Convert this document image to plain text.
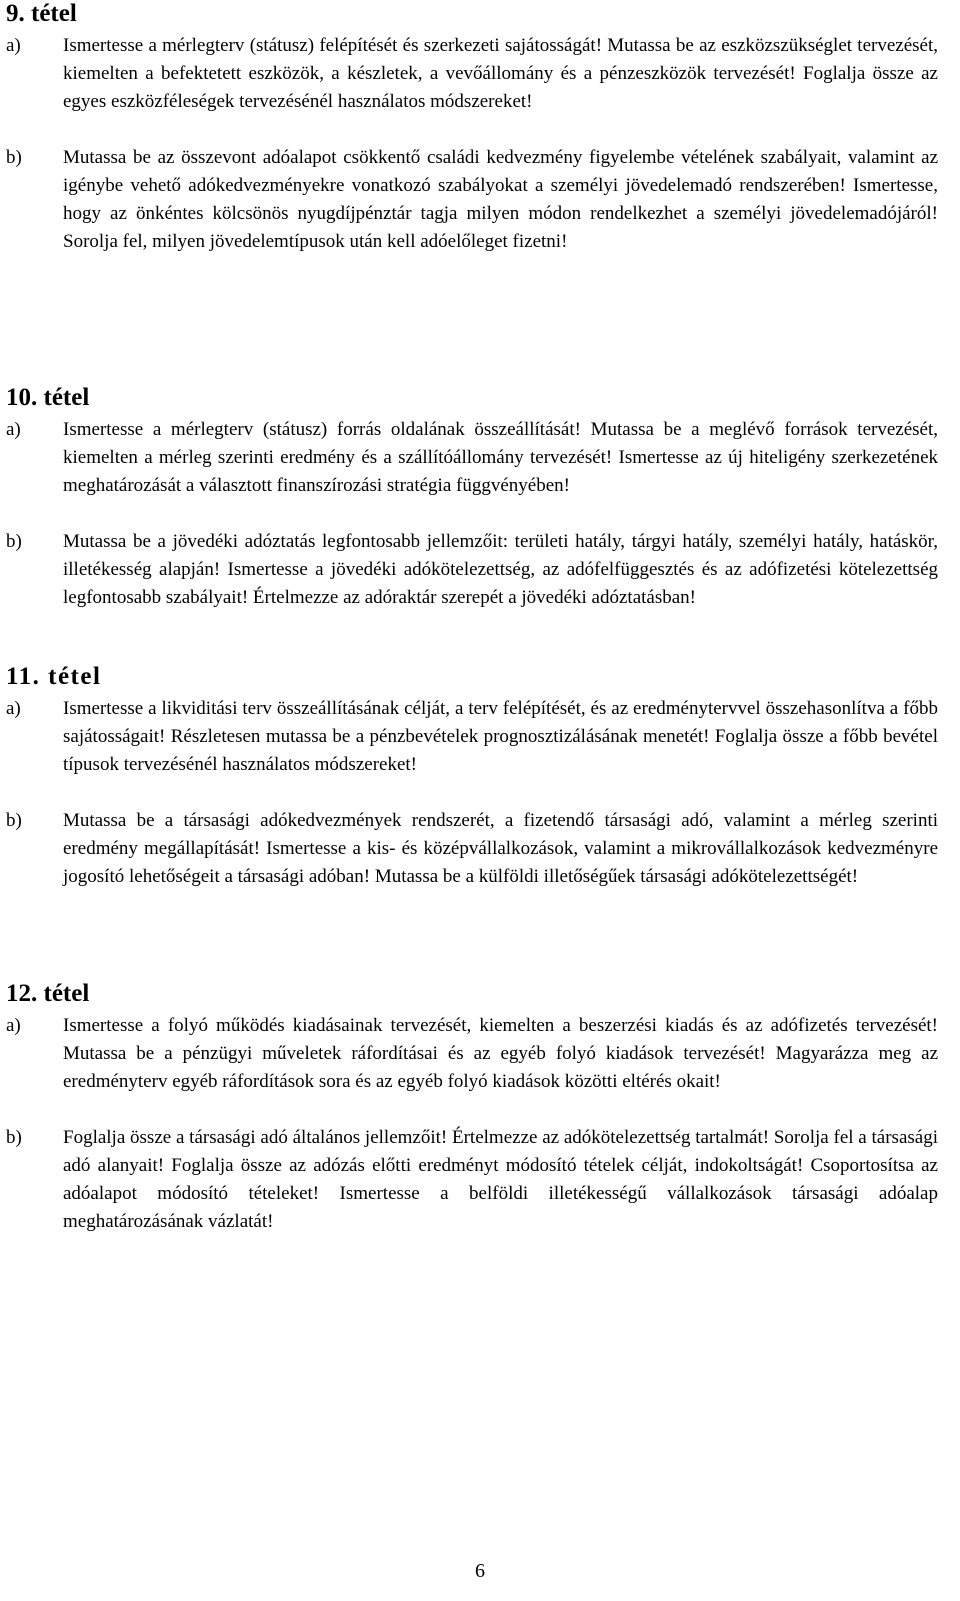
9. tétel
a)	Ismertesse a mérlegterv (státusz) felépítését és szerkezeti sajátosságát! Mutassa be az eszközszükséglet tervezését, kiemelten a befektetett eszközök, a készletek, a vevőállomány és a pénzeszközök tervezését! Foglalja össze az egyes eszközféleségek tervezésénél használatos módszereket!
b)	Mutassa be az összevont adóalapot csökkentő családi kedvezmény figyelembe vételének szabályait, valamint az igénybe vehető adókedvezményekre vonatkozó szabályokat a személyi jövedelemadó rendszerében! Ismertesse, hogy az önkéntes kölcsönös nyugdíjpénztár tagja milyen módon rendelkezhet a személyi jövedelemadójáról! Sorolja fel, milyen jövedelemtípusok után kell adóelőleget fizetni!
10. tétel
a)	Ismertesse a mérlegterv (státusz) forrás oldalának összeállítását! Mutassa be a meglévő források tervezését, kiemelten a mérleg szerinti eredmény és a szállítóállomány tervezését! Ismertesse az új hiteligény szerkezetének meghatározását a választott finanszírozási stratégia függvényében!
b)	Mutassa be a jövedéki adóztatás legfontosabb jellemzőit: területi hatály, tárgyi hatály, személyi hatály, hatáskör, illetékesség alapján! Ismertesse a jövedéki adókötelezettség, az adófelfüggesztés és az adófizetési kötelezettség legfontosabb szabályait! Értelmezze az adóraktár szerepét a jövedéki adóztatásban!
11. tétel
a)	Ismertesse a likviditási terv összeállításának célját, a terv felépítését, és az eredménytervvel összehasonlítva a főbb sajátosságait! Részletesen mutassa be a pénzbevételek prognosztizálásának menetét! Foglalja össze a főbb bevétel típusok tervezésénél használatos módszereket!
b)	Mutassa be a társasági adókedvezmények rendszerét, a fizetendő társasági adó, valamint a mérleg szerinti eredmény megállapítását! Ismertesse a kis- és középvállalkozások, valamint a mikrovállalkozások kedvezményre jogosító lehetőségeit a társasági adóban! Mutassa be a külföldi illetőségűek társasági adókötelezettségét!
12. tétel
a)	Ismertesse a folyó működés kiadásainak tervezését, kiemelten a beszerzési kiadás és az adófizetés tervezését! Mutassa be a pénzügyi műveletek ráfordításai és az egyéb folyó kiadások tervezését! Magyarázza meg az eredményterv egyéb ráfordítások sora és az egyéb folyó kiadások közötti eltérés okait!
b)	Foglalja össze a társasági adó általános jellemzőit! Értelmezze az adókötelezettség tartalmát! Sorolja fel a társasági adó alanyait! Foglalja össze az adózás előtti eredményt módosító tételek célját, indokoltságát! Csoportosítsa az adóalapot módosító tételeket! Ismertesse a belföldi illetékességű vállalkozások társasági adóalap meghatározásának vázlatát!
6
